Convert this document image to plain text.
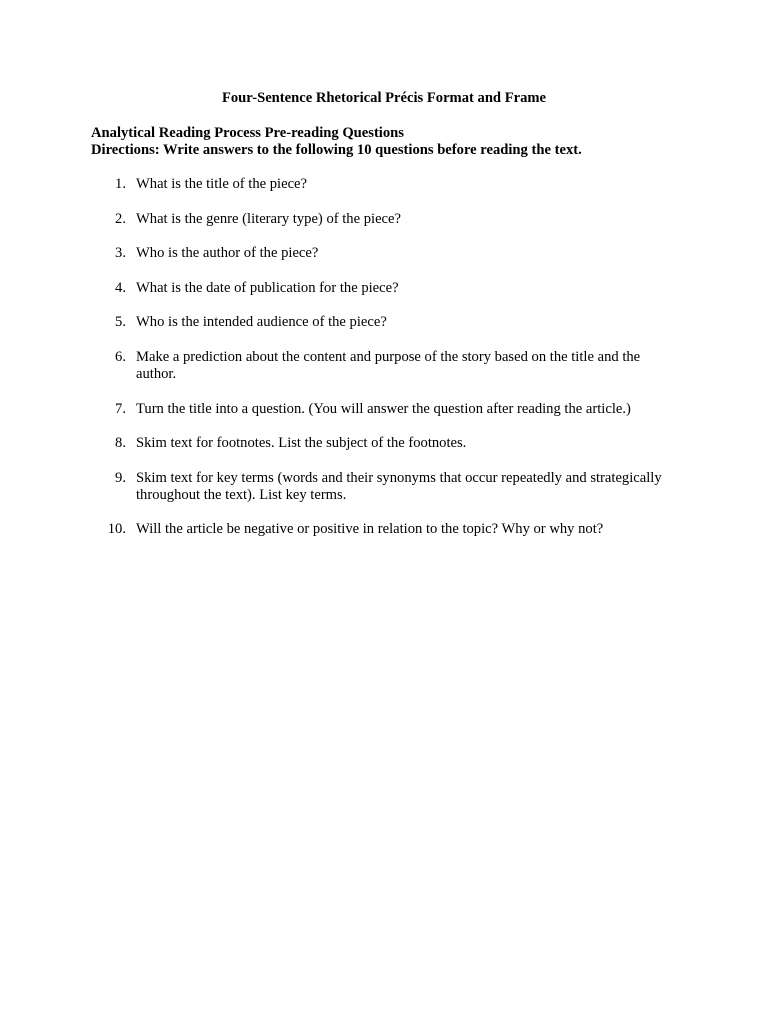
Four-Sentence Rhetorical Précis Format and Frame
Analytical Reading Process Pre-reading Questions
Directions: Write answers to the following 10 questions before reading the text.
1. What is the title of the piece?
2. What is the genre (literary type) of the piece?
3. Who is the author of the piece?
4. What is the date of publication for the piece?
5. Who is the intended audience of the piece?
6. Make a prediction about the content and purpose of the story based on the title and the author.
7. Turn the title into a question. (You will answer the question after reading the article.)
8. Skim text for footnotes. List the subject of the footnotes.
9. Skim text for key terms (words and their synonyms that occur repeatedly and strategically throughout the text). List key terms.
10. Will the article be negative or positive in relation to the topic? Why or why not?
